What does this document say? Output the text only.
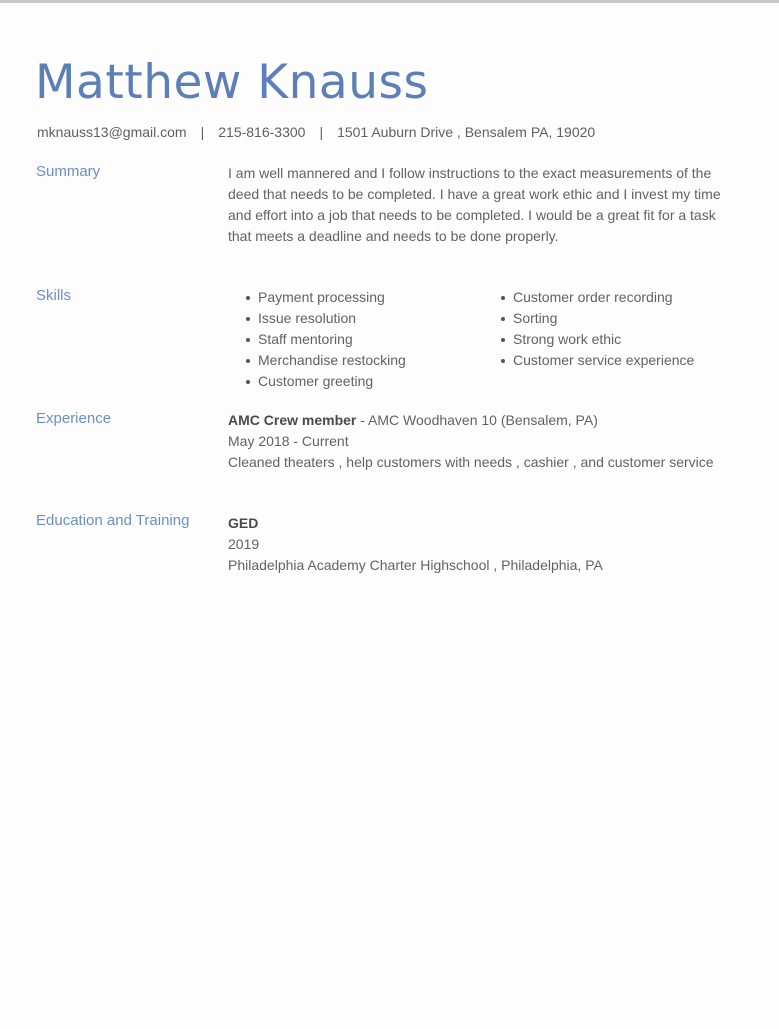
Matthew Knauss
mknauss13@gmail.com | 215-816-3300 | 1501 Auburn Drive , Bensalem PA, 19020
Summary	I am well mannered and I follow instructions to the exact measurements of the deed that needs to be completed. I have a great work ethic and I invest my time and effort into a job that needs to be completed. I would be a great fit for a task that meets a deadline and needs to be done properly.
Skills	Payment processing
Issue resolution
Staff mentoring
Merchandise restocking
Customer greeting
Customer order recording
Sorting
Strong work ethic
Customer service experience
Experience	AMC Crew member - AMC Woodhaven 10 (Bensalem, PA)
May 2018 - Current
Cleaned theaters , help customers with needs , cashier , and customer service
Education and Training	GED
2019
Philadelphia Academy Charter Highschool , Philadelphia, PA
